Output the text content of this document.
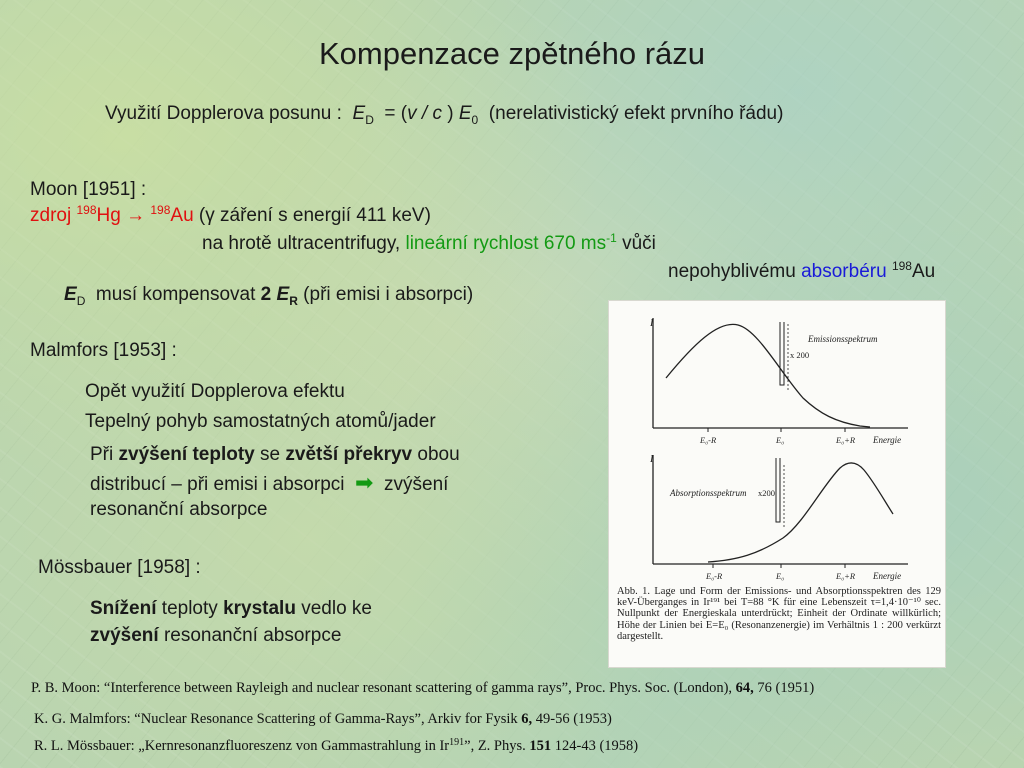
Kompenzace zpětného rázu
Využití Dopplerova posunu : $E_D = (v / c$ ) $E_0$ (nerelativistický efekt prvního řádu)
Moon [1951] :
zdroj $^{198}$Hg → $^{198}$Au (γ záření s energií 411 keV)
na hrotě ultracentrifugy, lineární rychlost 670 $ms^{-1}$ vůči
nepohyblivému absorbéru $^{198}$Au
$E_D$ musí kompensovat 2 $E_R$ (při emisi i absorpci)
Malmfors [1953] :
Opět využití Dopplerova efektu
Tepelný pohyb samostatných atomů/jader
Při zvýšení teploty se zvětší překryv obou
distribucí – při emisi i absorpci ➡ zvýšení
resonanční absorpce
Mössbauer [1958] :
Snížení teploty krystalu vedlo ke
zvýšení resonanční absorpce
I
Emissionsspektrum
x 200
E₀-R	E₀	E₀+R Energie
I
Absorptionsspektrum x200
E₀-R	E₀	E₀+R Energie
Abb. 1. Lage und Form der Emissions- und Absorptionsspektren des 129 keV-Überganges in Ir¹⁹¹ bei T=88 °K für eine Lebenszeit τ=1,4·10⁻¹⁰ sec. Nullpunkt der Energieskala unterdrückt; Einheit der Ordinate willkürlich; Höhe der Linien bei E=E₀ (Resonanzenergie) im Verhältnis 1 : 200 verkürzt dargestellt.
P. B. Moon: “Interference between Rayleigh and nuclear resonant scattering of gamma rays”, Proc. Phys. Soc. (London), 64, 76 (1951)
K. G. Malmfors: “Nuclear Resonance Scattering of Gamma-Rays”, Arkiv for Fysik 6, 49-56 (1953)
R. L. Mössbauer: „Kernresonanzfluoreszenz von Gammastrahlung in Ir$^{191}$”, Z. Phys. 151 124-43 (1958)
